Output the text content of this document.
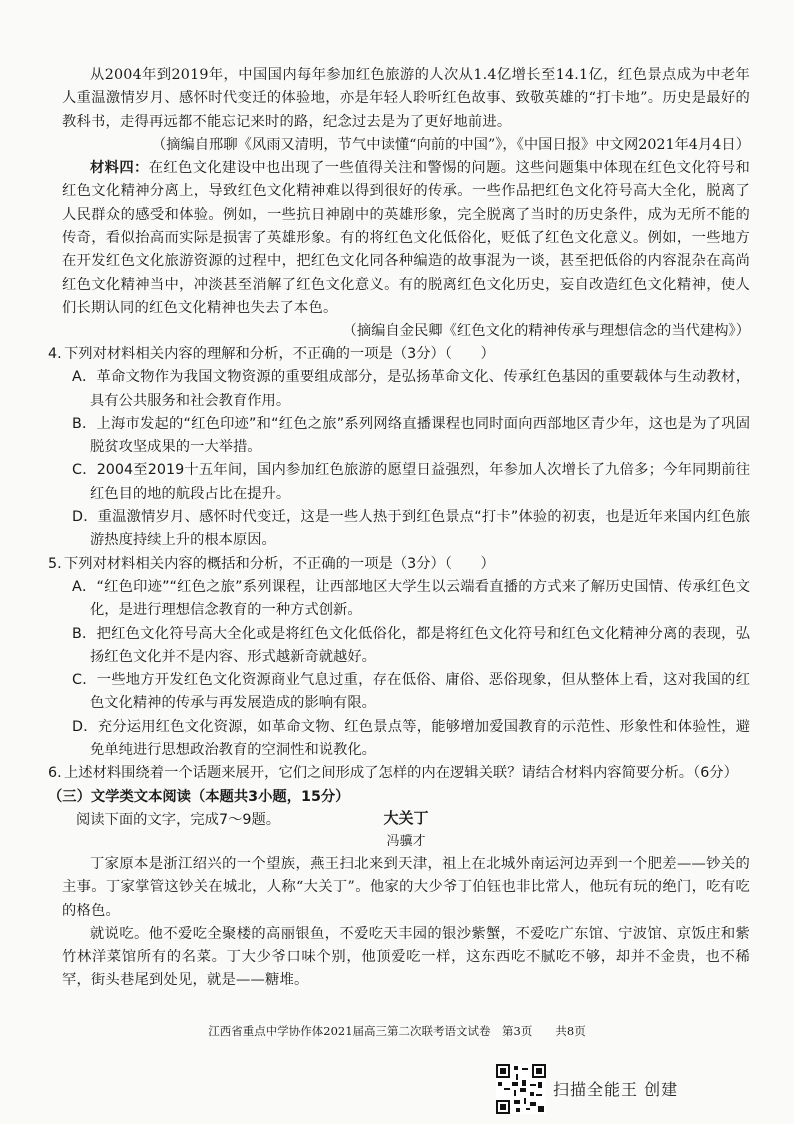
从2004年到2019年，中国国内每年参加红色旅游的人次从1.4亿增长至14.1亿，红色景点成为中老年人重温激情岁月、感怀时代变迁的体验地，亦是年轻人聆听红色故事、致敬英雄的“打卡地”。历史是最好的教科书，走得再远都不能忘记来时的路，纪念过去是为了更好地前进。

（摘编自邢聊《风雨又清明，节气中读懂“向前的中国”》，《中国日报》中文网2021年4月4日）

材料四：在红色文化建设中也出现了一些值得关注和警惕的问题。这些问题集中体现在红色文化符号和红色文化精神分离上，导致红色文化精神难以得到很好的传承。一些作品把红色文化符号高大全化，脱离了人民群众的感受和体验。例如，一些抗日神剧中的英雄形象，完全脱离了当时的历史条件，成为无所不能的传奇，看似抬高而实际是损害了英雄形象。有的将红色文化低俗化，贬低了红色文化意义。例如，一些地方在开发红色文化旅游资源的过程中，把红色文化同各种编造的故事混为一谈，甚至把低俗的内容混杂在高尚红色文化精神当中，冲淡甚至消解了红色文化意义。有的脱离红色文化历史，妄自改造红色文化精神，使人们长期认同的红色文化精神也失去了本色。

（摘编自金民卿《红色文化的精神传承与理想信念的当代建构》）

4. 下列对材料相关内容的理解和分析，不正确的一项是（3分）（　　）

A．革命文物作为我国文物资源的重要组成部分，是弘扬革命文化、传承红色基因的重要载体与生动教材，具有公共服务和社会教育作用。

B．上海市发起的“红色印迹”和“红色之旅”系列网络直播课程也同时面向西部地区青少年，这也是为了巩固脱贫攻坚成果的一大举措。

C．2004至2019十五年间，国内参加红色旅游的愿望日益强烈，年参加人次增长了九倍多；今年同期前往红色目的地的航段占比在提升。

D．重温激情岁月、感怀时代变迁，这是一些人热于到红色景点“打卡”体验的初衷，也是近年来国内红色旅游热度持续上升的根本原因。

5. 下列对材料相关内容的概括和分析，不正确的一项是（3分）（　　）

A．“红色印迹”“红色之旅”系列课程，让西部地区大学生以云端看直播的方式来了解历史国情、传承红色文化，是进行理想信念教育的一种方式创新。

B．把红色文化符号高大全化或是将红色文化低俗化，都是将红色文化符号和红色文化精神分离的表现，弘扬红色文化并不是内容、形式越新奇就越好。

C．一些地方开发红色文化资源商业气息过重，存在低俗、庸俗、恶俗现象，但从整体上看，这对我国的红色文化精神的传承与再发展造成的影响有限。

D．充分运用红色文化资源，如革命文物、红色景点等，能够增加爱国教育的示范性、形象性和体验性，避免单纯进行思想政治教育的空洞性和说教化。

6. 上述材料围绕着一个话题来展开，它们之间形成了怎样的内在逻辑关联？请结合材料内容简要分析。（6分）

（三）文学类文本阅读（本题共3小题，15分）

阅读下面的文字，完成7～9题。	大关丁

冯骥才

丁家原本是浙江绍兴的一个望族，燕王扫北来到天津，祖上在北城外南运河边弄到一个肥差——钞关的主事。丁家掌管这钞关在城北，人称“大关丁”。他家的大少爷丁伯钰也非比常人，他玩有玩的绝门，吃有吃的格色。

就说吃。他不爱吃全聚楼的高丽银鱼，不爱吃天丰园的银沙紫蟹，不爱吃广东馆、宁波馆、京饭庄和紫竹林洋菜馆所有的名菜。丁大少爷口味个别，他顶爱吃一样，这东西吃不腻吃不够，却并不金贵，也不稀罕，街头巷尾到处见，就是——糖堆。

江西省重点中学协作体2021届高三第二次联考语文试卷　第3页　　共8页
扫描全能王 创建
